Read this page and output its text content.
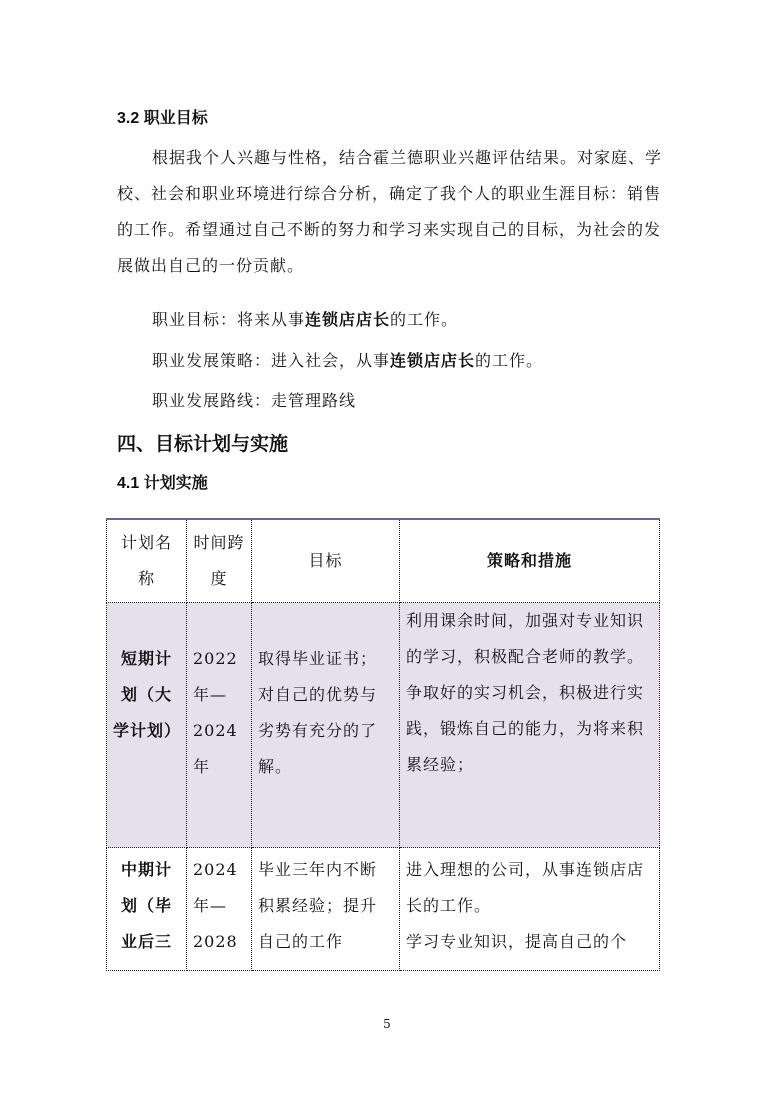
3.2 职业目标
根据我个人兴趣与性格，结合霍兰德职业兴趣评估结果。对家庭、学校、社会和职业环境进行综合分析，确定了我个人的职业生涯目标：销售的工作。希望通过自己不断的努力和学习来实现自己的目标，为社会的发展做出自己的一份贡献。
职业目标：将来从事连锁店店长的工作。
职业发展策略：进入社会，从事连锁店店长的工作。
职业发展路线：走管理路线
四、目标计划与实施
4.1 计划实施
计划名称	时间跨度	目标	策略和措施
短期计划（大学计划）	2022年—2024年	取得毕业证书；对自己的优势与劣势有充分的了解。	利用课余时间，加强对专业知识的学习，积极配合老师的教学。
争取好的实习机会，积极进行实践，锻炼自己的能力，为将来积累经验；

中期计划（毕业后三	2024年—2028	毕业三年内不断积累经验；提升自己的工作	进入理想的公司，从事连锁店店长的工作。
学习专业知识，提高自己的个
5
